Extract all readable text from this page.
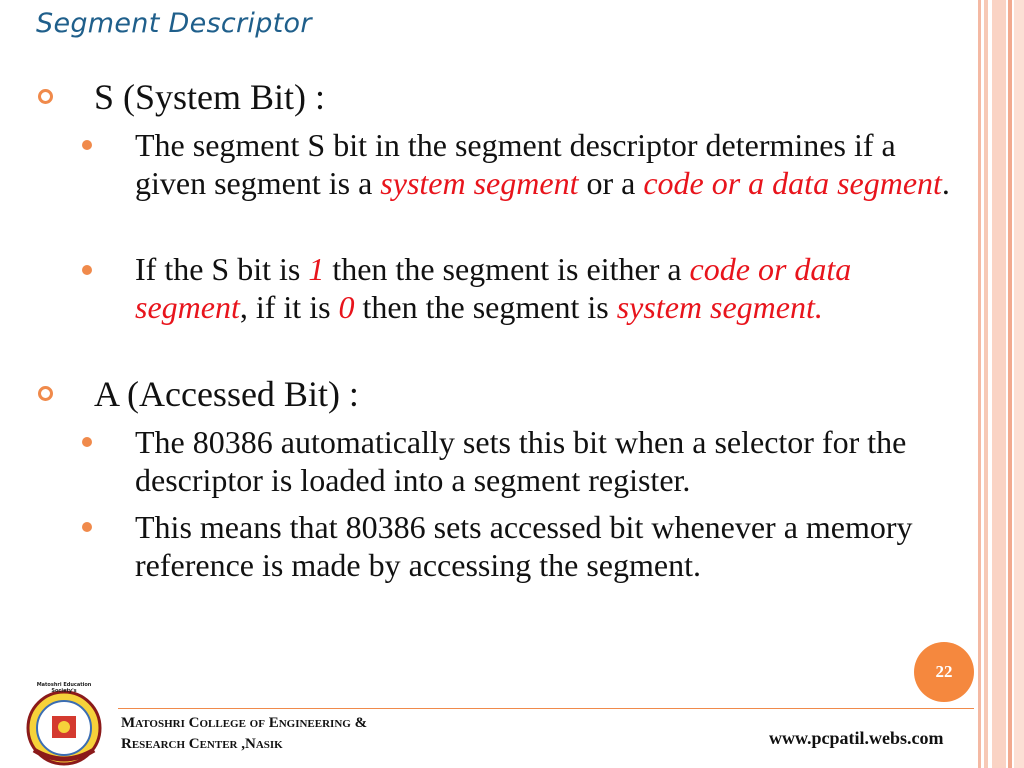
Segment Descriptor
S (System Bit) :
The segment S bit in the segment descriptor determines if a given segment is a system segment or a code or a data segment.
If the S bit is 1 then the segment is either a code or data segment, if it is 0 then the segment is system segment.
A (Accessed Bit) :
The 80386 automatically sets this bit when a selector for the descriptor is loaded into a segment register.
This means that 80386 sets accessed bit whenever a memory reference is made by accessing the segment.
22
Matoshri Education Society's
Matoshri College of Engineering &
Research Center ,Nasik	www.pcpatil.webs.com
